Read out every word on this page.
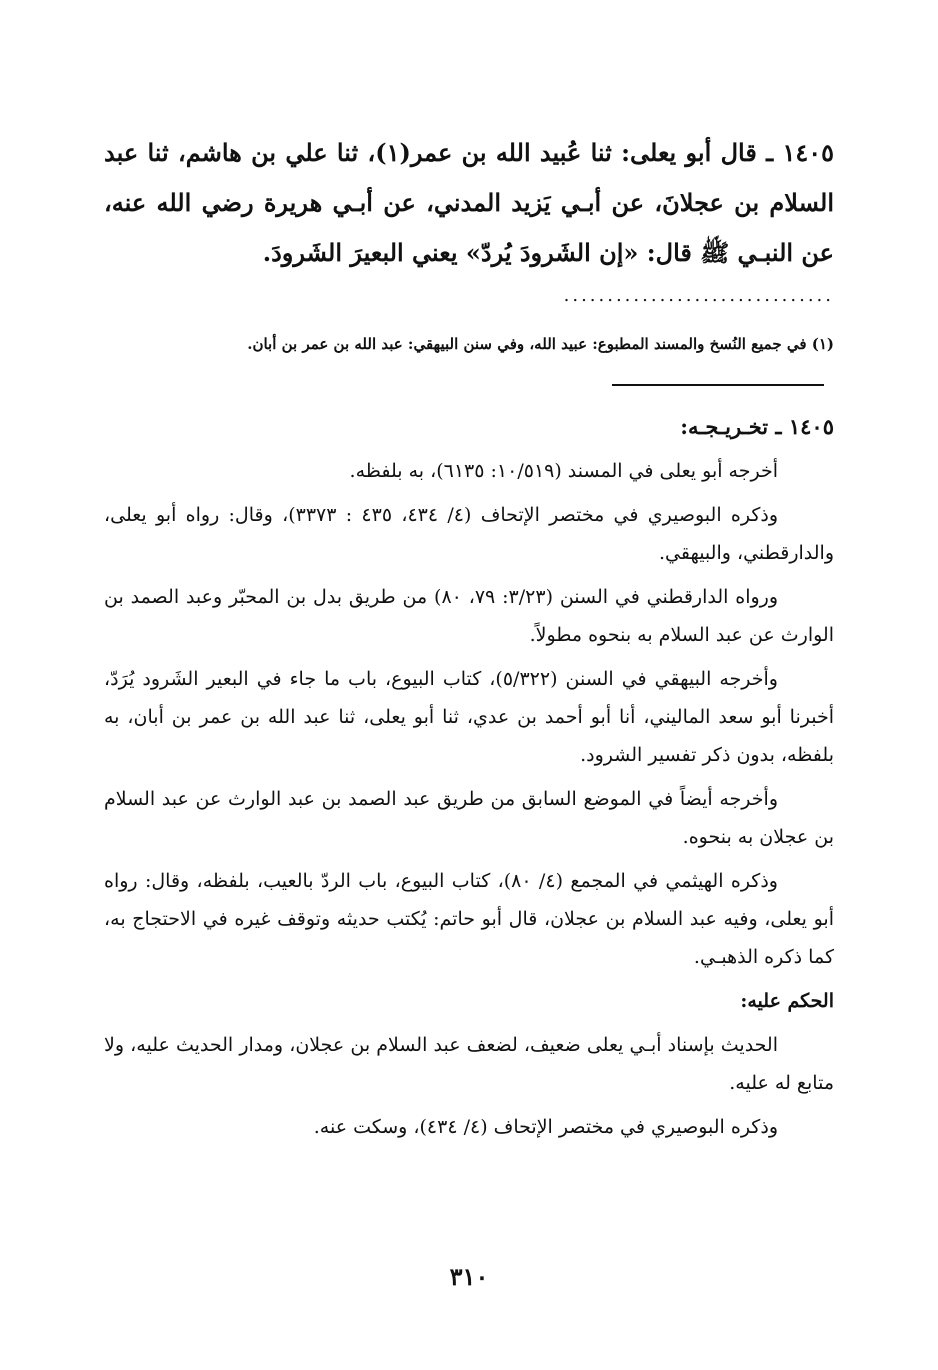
١٤٠٥ ـ قال أبو يعلى: ثنا عُبيد الله بن عمر(١)، ثنا علي بن هاشم، ثنا عبد السلام بن عجلانَ، عن أبـي يَزيد المدني، عن أبـي هريرة رضي الله عنه، عن النبـي ﷺ قال: «إن الشَرودَ يُردّ» يعني البعيرَ الشَرودَ.

...............................

(١) في جميع النُسخ والمسند المطبوع: عبيد الله، وفي سنن البيهقي: عبد الله بن عمر بن أبان.

١٤٠٥ ـ تخـريـجـه:

أخرجه أبو يعلى في المسند (١٠/٥١٩: ٦١٣٥)، به بلفظه.

وذكره البوصيري في مختصر الإتحاف (٤/ ٤٣٤، ٤٣٥ : ٣٣٧٣)، وقال: رواه أبو يعلى، والدارقطني، والبيهقي.

ورواه الدارقطني في السنن (٣/٢٣: ٧٩، ٨٠) من طريق بدل بن المحبّر وعبد الصمد بن الوارث عن عبد السلام به بنحوه مطولاً.

وأخرجه البيهقي في السنن (٥/٣٢٢)، كتاب البيوع، باب ما جاء في البعير الشَرود يُرَدّ، أخبرنا أبو سعد الماليني، أنا أبو أحمد بن عدي، ثنا أبو يعلى، ثنا عبد الله بن عمر بن أبان، به بلفظه، بدون ذكر تفسير الشرود.

وأخرجه أيضاً في الموضع السابق من طريق عبد الصمد بن عبد الوارث عن عبد السلام بن عجلان به بنحوه.

وذكره الهيثمي في المجمع (٤/ ٨٠)، كتاب البيوع، باب الردّ بالعيب، بلفظه، وقال: رواه أبو يعلى، وفيه عبد السلام بن عجلان، قال أبو حاتم: يُكتب حديثه وتوقف غيره في الاحتجاج به، كما ذكره الذهبـي.

الحكم عليه:

الحديث بإسناد أبـي يعلى ضعيف، لضعف عبد السلام بن عجلان، ومدار الحديث عليه، ولا متابع له عليه.

وذكره البوصيري في مختصر الإتحاف (٤/ ٤٣٤)، وسكت عنه.

٣١٠
